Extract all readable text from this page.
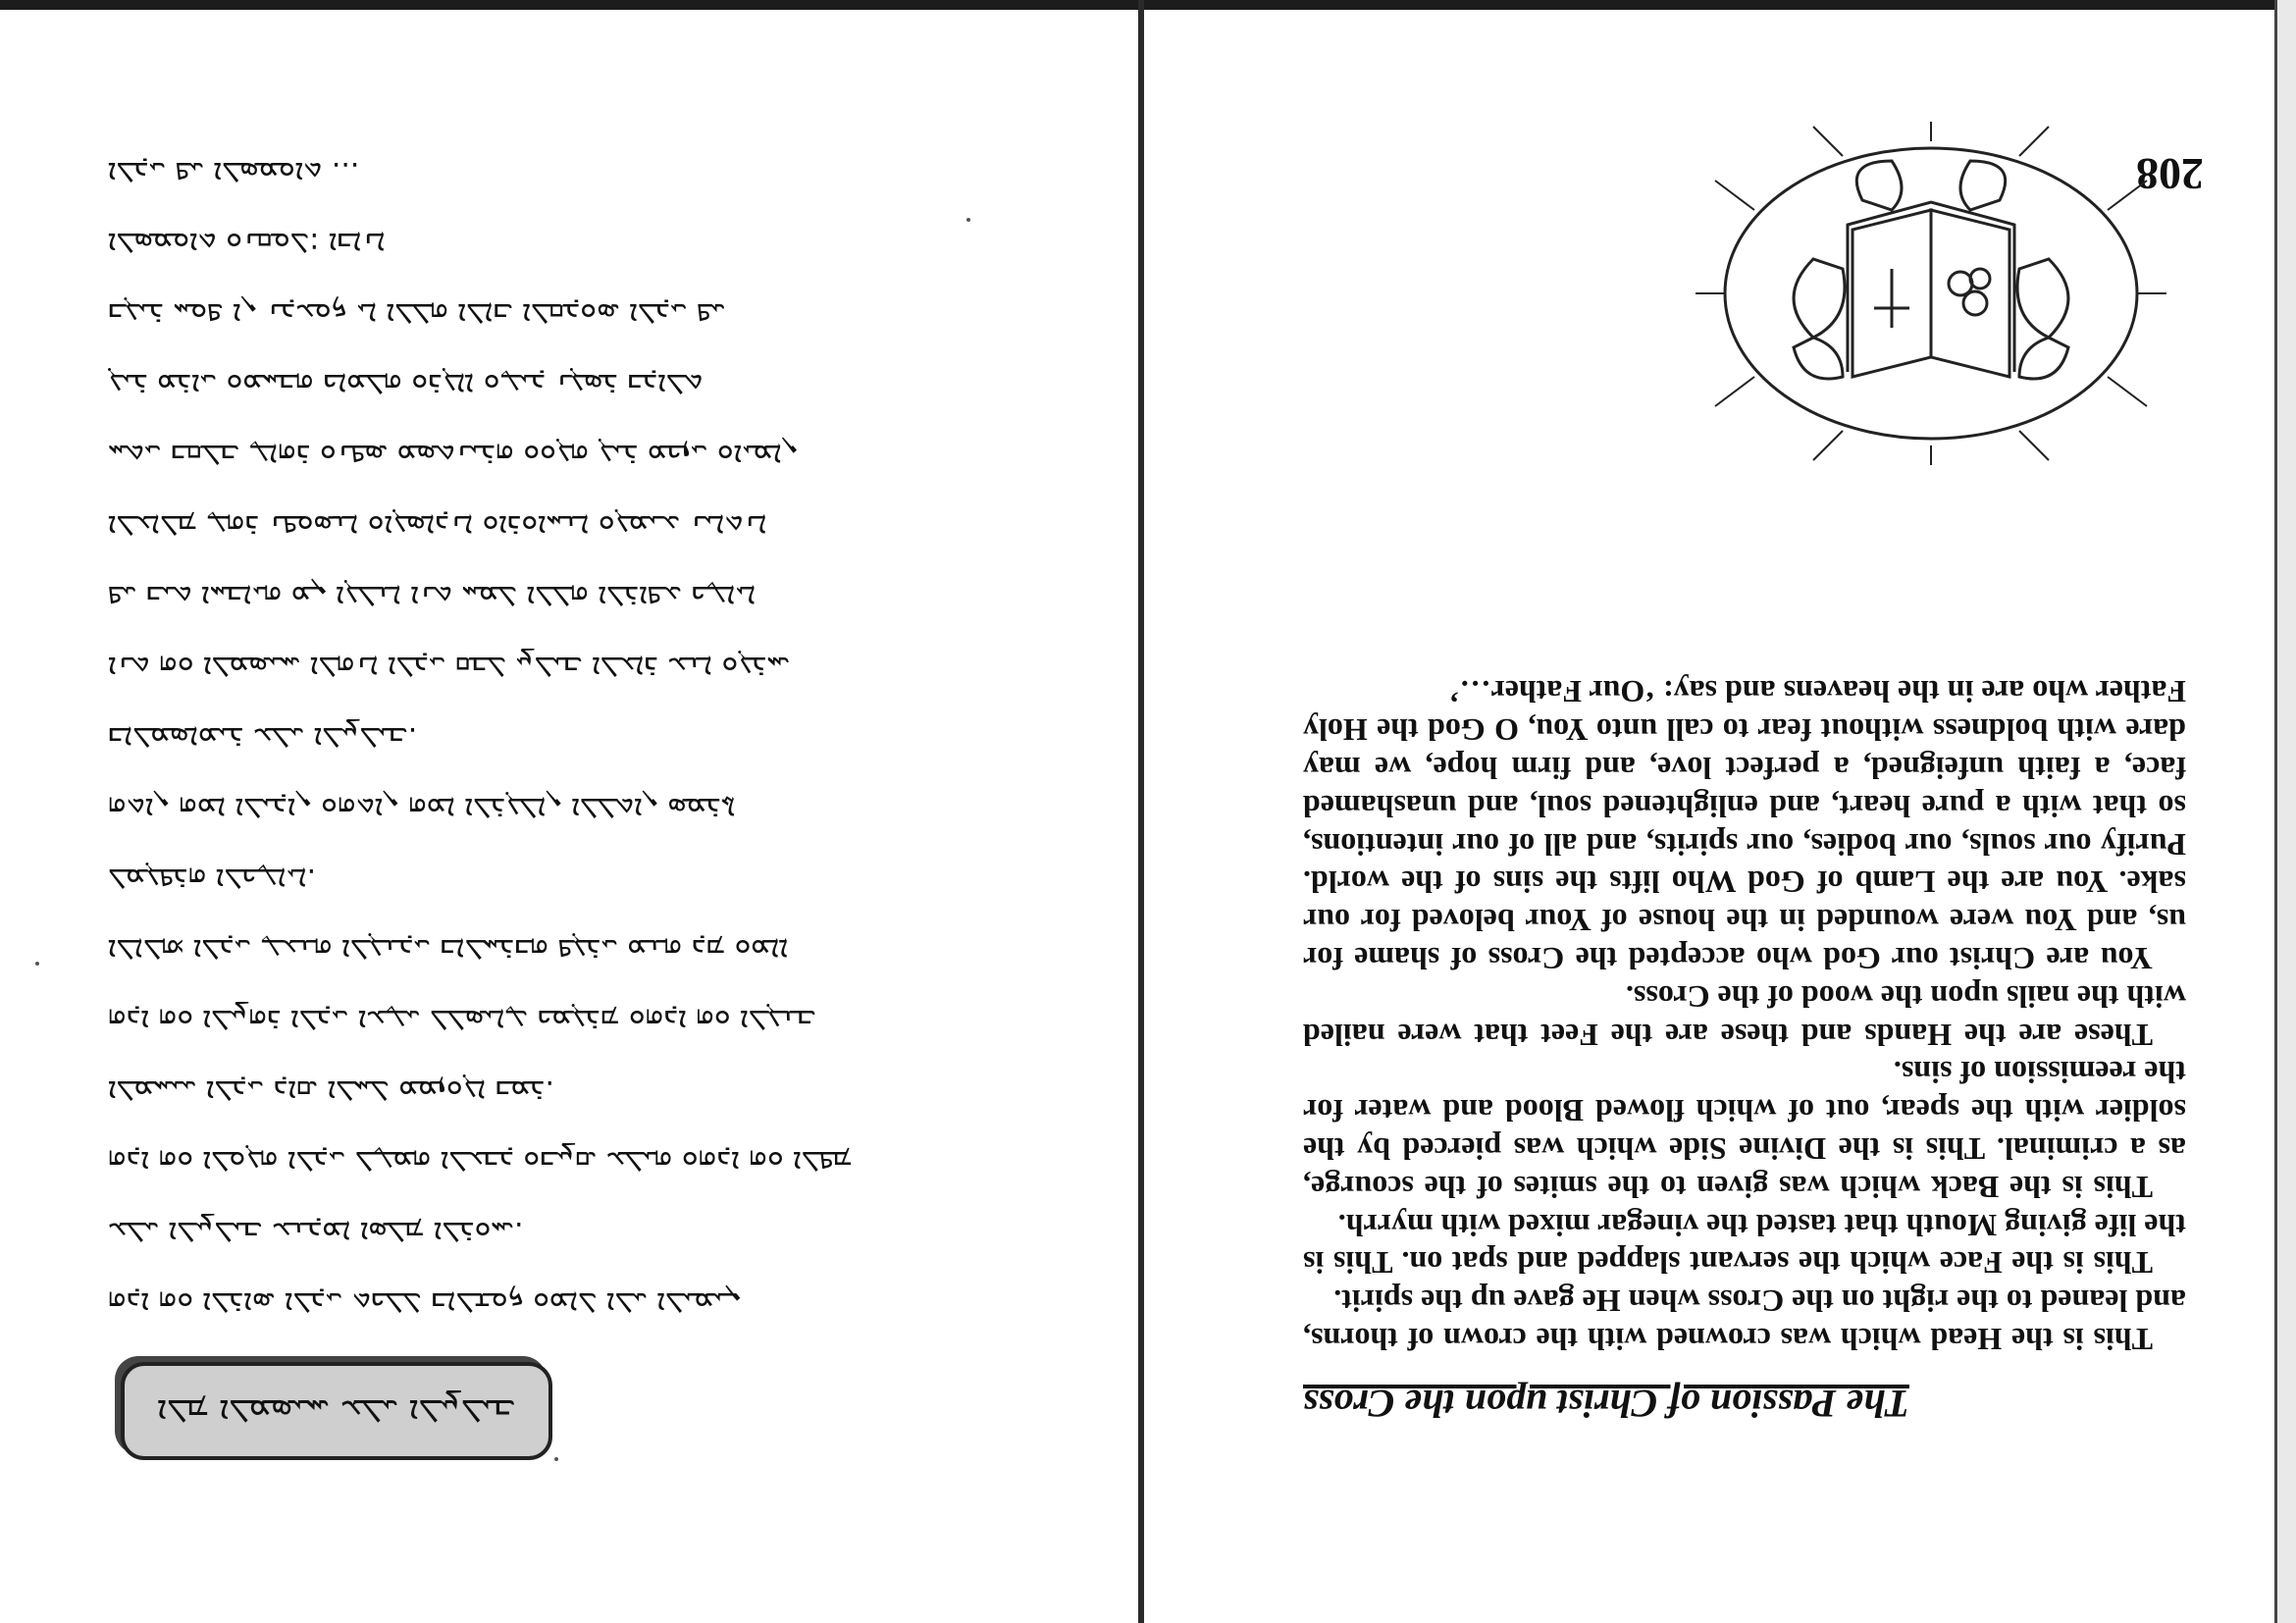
ܐܠܡ ܐܠܡܣܝܚ ܥܠܝ ܐܠܨܠܝܒ
ܗܕܐ ܗܘ ܐܠܪܐܣ ܐܠܕܝ ܬܟܠܠ ܒܐܠܫܘܟ ܘܡܐܠ ܐܠܝ ܐܠܝܡܝܢ
ܥܠܝ ܐܠܨܠܝܒ ܥܢܕܡܐ ܐܣܠܡ ܐܠܪܘܚ.
ܗܕܐ ܗܘ ܐܠܘܓܗ ܐܠܕܝ ܠܛܡܗ ܐܠܥܒܕ ܘܒܨܩ ܥܠܝܗ ܘܗܕܐ ܗܘ ܐܠܦܡ
ܐܠܡܚܝܝ ܐܠܕܝ ܕܐܩ ܐܠܚܠ ܡܡܙܘܓܐ ܒܡܪ.
ܗܕܐ ܗܘ ܐܠܨܗܪ ܐܠܕܝ ܐܥܛܝ ܠܠܣܝܐܛ ܟܡܓܪܡ ܘܗܕܐ ܗܘ ܐܠܓܢܒ
ܐܠܐܠܗܝ ܐܠܕܝ ܛܥܢܗ ܐܠܓܢܕܝ ܒܐܠܚܪܒܗ ܦܓܪܝ ܡܢܗ ܕܡ ܘܡܐܐ
ܠܡܓܦܪܗ ܐܠܟܛܐܝܐ.
ܗܬܐܢ ܗܡܐ ܐܠܝܕܐܢ ܘܗܬܐܢ ܗܡܐ ܐܠܪܓܠܐܢ ܐܠܠܬܐܢ ܣܡܪܬܐ
ܒܐܠܡܣܐܡܝܪ ܥܠܝ ܐܠܨܠܝܒ.
ܐܢܬ ܗܘ ܐܠܡܣܝܚ ܐܠܗܢܐ ܐܠܕܝ ܩܒܠ ܨܠܝܒ ܐܠܥܐܪ ܥܢܐ ܘܓܪܚ
ܦܝ ܒܝܬ ܐܚܒܐܝܗ ܡܢ ܐܓܠܢܐ ܐܢܬ ܚܡܠ ܐܠܠܗ ܐܠܪܐܦܥ ܟܛܐܝܐ
ܐܠܥܐܠܡ ܛܗܪ ܢܦܘܣܢܐ ܘܐܓܣܐܕܢܐ ܘܐܪܘܐܚܢܐ ܘܓܡܝܥ ܢܝܐܬܢܐ
ܚܬܝ ܒܩܠܒ ܛܐܗܪ ܘܢܦܣ ܡܣܬܢܝܪܗ ܘܘܓܗ ܓܝܪ ܡܟܙܝ ܘܐܝܡܐܢ
ܓܝܪ ܡܪܐܝ ܘܡܚܒܗ ܟܐܡܠܗ ܘܪܓܐܐ ܘܛܝܕ ܢܓܣܪ ܒܕܐܠܬ
ܒܓܝܪ ܚܘܦ ܐܢ ܢܕܥܘܟ ܝܐ ܐܠܠܗ ܐܠܐܒ ܐܠܩܕܘܣ ܐܠܕܝ ܦܝ
ܐܠܣܡܘܐܬ ܘܢܩܘܠ: ܐܒܐܢܐ
ܐܠܕܝ ܦܝ ܐܠܣܡܘܐܬ ...	208
The Passion of Christ upon the Cross

This is the Head which was crowned with the crown of thorns, and leaned to the right on the Cross when He gave up the spirit.

This is the Face which the servant slapped and spat on. This is the life giving Mouth that tasted the vinegar mixed with myrrh.

This is the Back which was given to the smites of the scourge, as a criminal. This is the Divine Side which was pierced by the soldier with the spear, out of which flowed Blood and water for the reemission of sins.

These are the Hands and these are the Feet that were nailed with the nails upon the wood of the Cross.

You are Christ our God who accepted the Cross of shame for us, and You were wounded in the house of Your beloved for our sake. You are the Lamb of God Who lifts the sins of the world. Purify our souls, our bodies, our spirits, and all of our intentions, so that with a pure heart, and enlightened soul, and unashamed face, a faith unfeigned, a perfect love, and firm hope, we may dare with boldness without fear to call unto You, O God the Holy Father who are in the heavens and say: ‘Our Father…’
